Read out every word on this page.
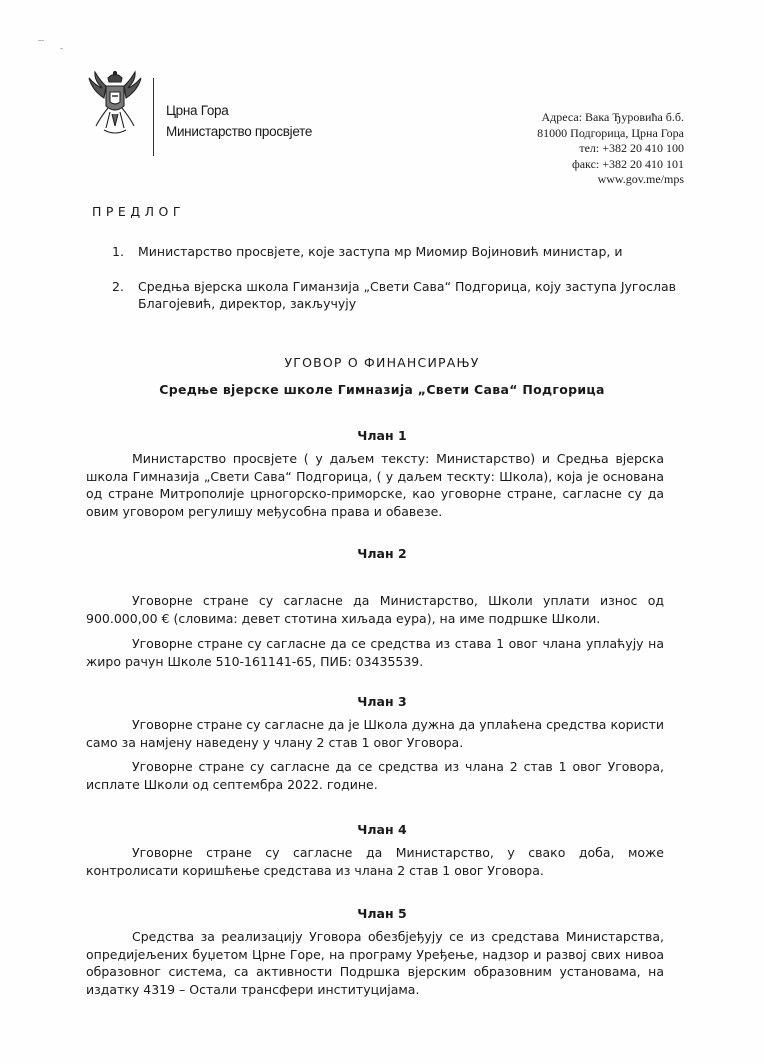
Црна Гора
Министарство просвјете
Адреса: Вака Ђуровића б.б.
81000 Подгорица, Црна Гора
тел: +382 20 410 100
факс: +382 20 410 101
www.gov.me/mps
ПРЕДЛОГ
1.	Министарство просвјете, које заступа мр Миомир Војиновић министар, и
2.	Средња вјерска школа Гиманзија „Свети Сава“ Подгорица, коју заступа Југослав Благојевић, директор, закључују
УГОВОР О ФИНАНСИРАЊУ
Средње вјерске школе Гимназија „Свети Сава“ Подгорица
Члан 1
Министарство просвјете ( у даљем тексту: Министарство) и Средња вјерска школа Гимназија „Свети Сава“ Подгорица, ( у даљем тескту: Школа), која је основана од стране Митрополије црногорско-приморске, као уговорне стране, сагласне су да овим уговором регулишу међусобна права и обавезе.
Члан 2
Уговорне стране су сагласне да Министарство, Школи уплати износ од 900.000,00 € (словима: девет стотина хиљада еура), на име подршке Школи.
Уговорне стране су сагласне да се средства из става 1 овог члана уплаћују на жиро рачун Школе 510-161141-65, ПИБ: 03435539.
Члан 3
Уговорне стране су сагласне да је Школа дужна да уплаћена средства користи само за намјену наведену у члану 2 став 1 овог Уговора.
Уговорне стране су сагласне да се средства из члана 2 став 1 овог Уговора, исплате Школи од септембра 2022. године.
Члан 4
Уговорне стране су сагласне да Министарство, у свако доба, може контролисати коришћење средстава из члана 2 став 1 овог Уговора.
Члан 5
Средства за реализацију Уговора обезбјеђују се из средстава Министарства, опредијељених буџетом Црне Горе, на програму Уређење, надзор и развој свих нивоа образовног система, са активности Подршка вјерским образовним установама, на издатку 4319 – Остали трансфери институцијама.
